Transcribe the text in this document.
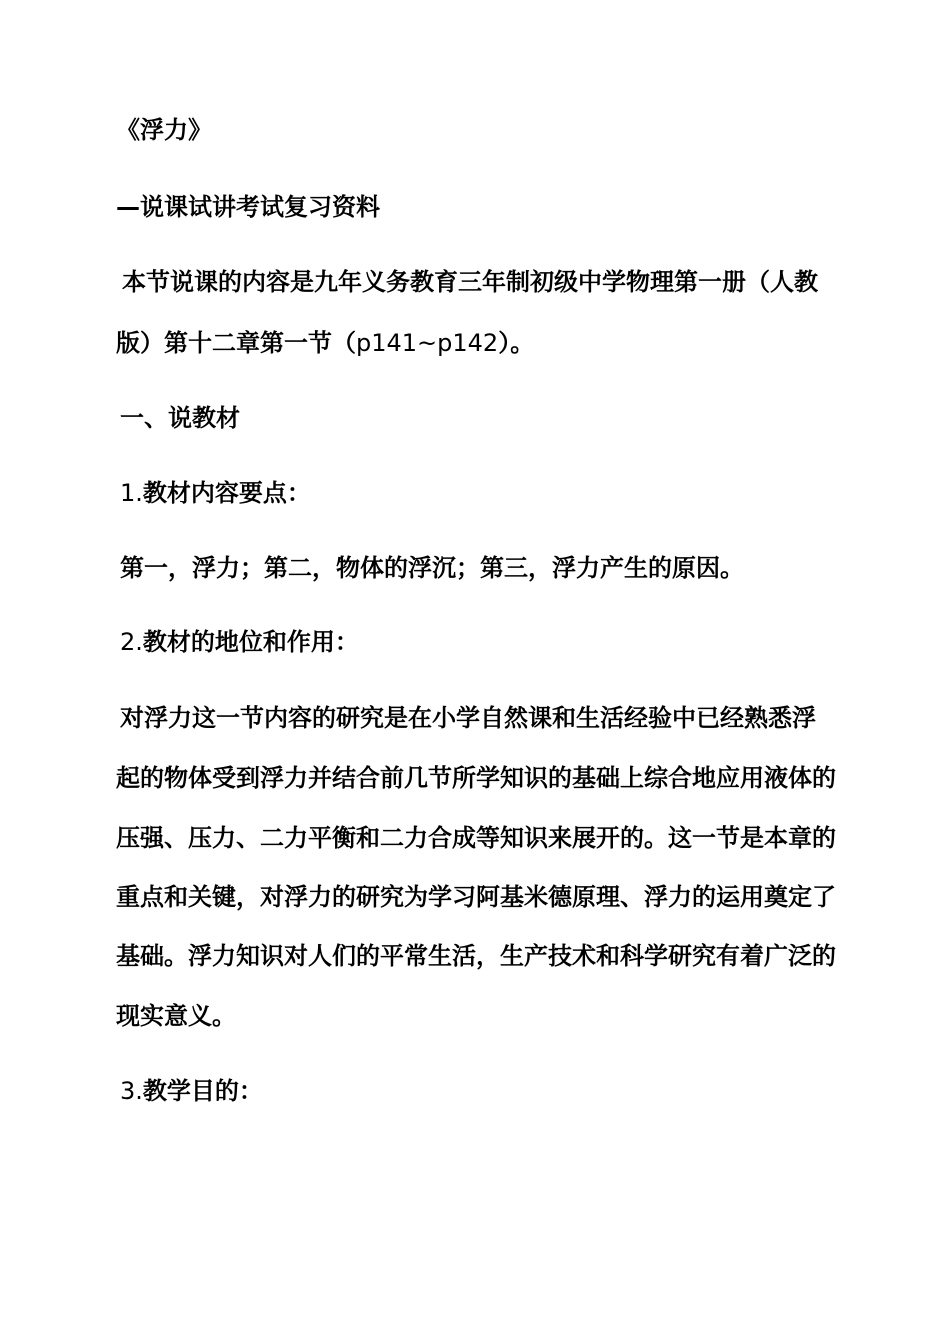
《浮力》
—说课试讲考试复习资料
本节说课的内容是九年义务教育三年制初级中学物理第一册（人教
版）第十二章第一节（p141~p142）。
一、说教材
1.教材内容要点：
第一，浮力；第二，物体的浮沉；第三，浮力产生的原因。
2.教材的地位和作用：
对浮力这一节内容的研究是在小学自然课和生活经验中已经熟悉浮
起的物体受到浮力并结合前几节所学知识的基础上综合地应用液体的
压强、压力、二力平衡和二力合成等知识来展开的。这一节是本章的
重点和关键，对浮力的研究为学习阿基米德原理、浮力的运用奠定了
基础。浮力知识对人们的平常生活，生产技术和科学研究有着广泛的
现实意义。
3.教学目的：
